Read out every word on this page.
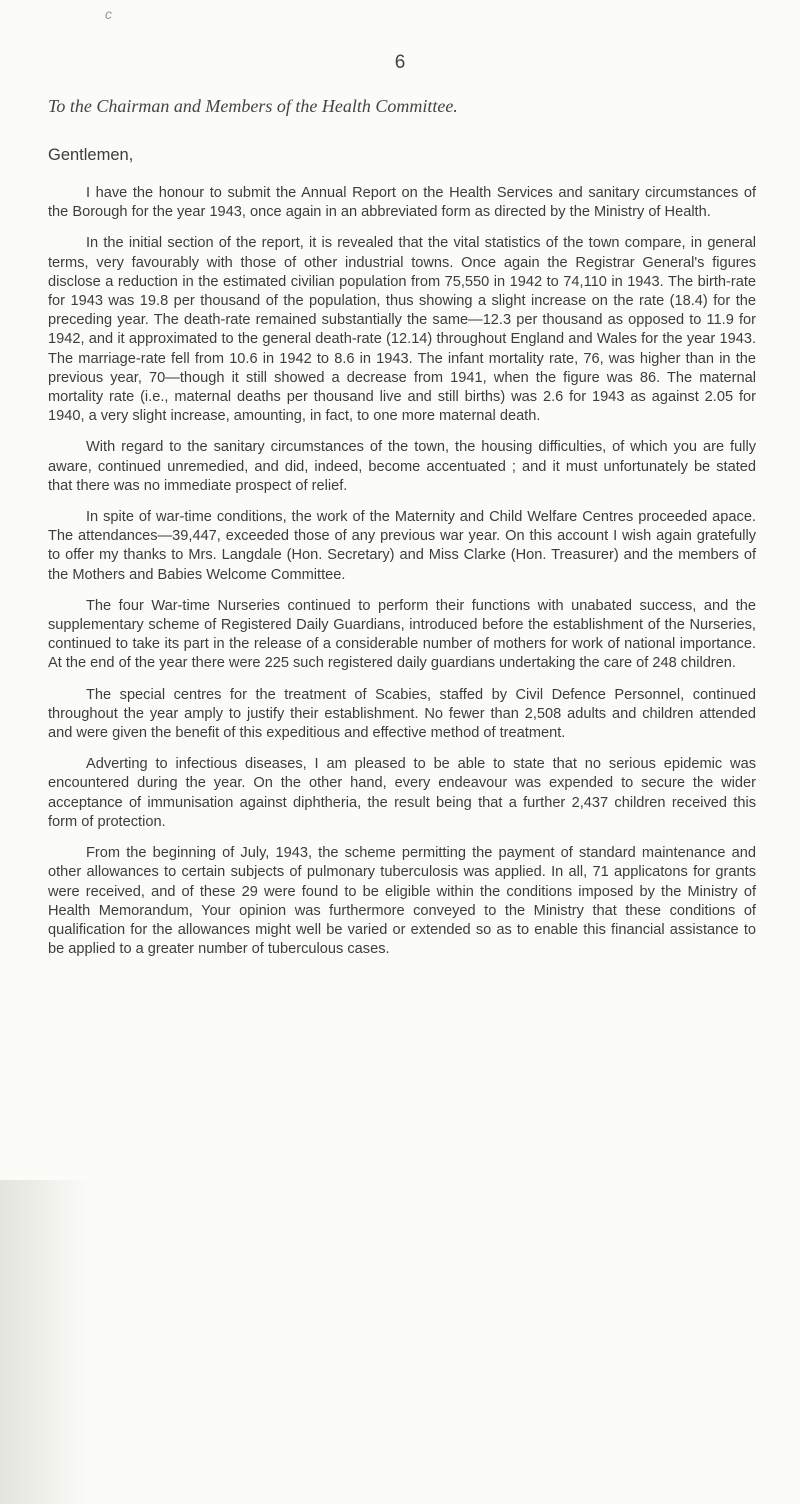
c
6
To the Chairman and Members of the Health Committee.
Gentlemen,

I have the honour to submit the Annual Report on the Health Services and sanitary circumstances of the Borough for the year 1943, once again in an abbreviated form as directed by the Ministry of Health.

In the initial section of the report, it is revealed that the vital statistics of the town compare, in general terms, very favourably with those of other industrial towns. Once again the Registrar General's figures disclose a reduction in the estimated civilian population from 75,550 in 1942 to 74,110 in 1943. The birth-rate for 1943 was 19.8 per thousand of the population, thus showing a slight increase on the rate (18.4) for the preceding year. The death-rate remained substantially the same—12.3 per thousand as opposed to 11.9 for 1942, and it approximated to the general death-rate (12.14) throughout England and Wales for the year 1943. The marriage-rate fell from 10.6 in 1942 to 8.6 in 1943. The infant mortality rate, 76, was higher than in the previous year, 70—though it still showed a decrease from 1941, when the figure was 86. The maternal mortality rate (i.e., maternal deaths per thousand live and still births) was 2.6 for 1943 as against 2.05 for 1940, a very slight increase, amounting, in fact, to one more maternal death.

With regard to the sanitary circumstances of the town, the housing difficulties, of which you are fully aware, continued unremedied, and did, indeed, become accentuated ; and it must unfortunately be stated that there was no immediate prospect of relief.

In spite of war-time conditions, the work of the Maternity and Child Welfare Centres proceeded apace. The attendances—39,447, exceeded those of any previous war year. On this account I wish again gratefully to offer my thanks to Mrs. Langdale (Hon. Secretary) and Miss Clarke (Hon. Treasurer) and the members of the Mothers and Babies Welcome Committee.

The four War-time Nurseries continued to perform their functions with unabated success, and the supplementary scheme of Registered Daily Guardians, introduced before the establishment of the Nurseries, continued to take its part in the release of a considerable number of mothers for work of national importance. At the end of the year there were 225 such registered daily guardians undertaking the care of 248 children.

The special centres for the treatment of Scabies, staffed by Civil Defence Personnel, continued throughout the year amply to justify their establishment. No fewer than 2,508 adults and children attended and were given the benefit of this expeditious and effective method of treatment.

Adverting to infectious diseases, I am pleased to be able to state that no serious epidemic was encountered during the year. On the other hand, every endeavour was expended to secure the wider acceptance of immunisation against diphtheria, the result being that a further 2,437 children received this form of protection.

From the beginning of July, 1943, the scheme permitting the payment of standard maintenance and other allowances to certain subjects of pulmonary tuberculosis was applied. In all, 71 applicatons for grants were received, and of these 29 were found to be eligible within the conditions imposed by the Ministry of Health Memorandum, Your opinion was furthermore conveyed to the Ministry that these conditions of qualification for the allowances might well be varied or extended so as to enable this financial assistance to be applied to a greater number of tuberculous cases.
